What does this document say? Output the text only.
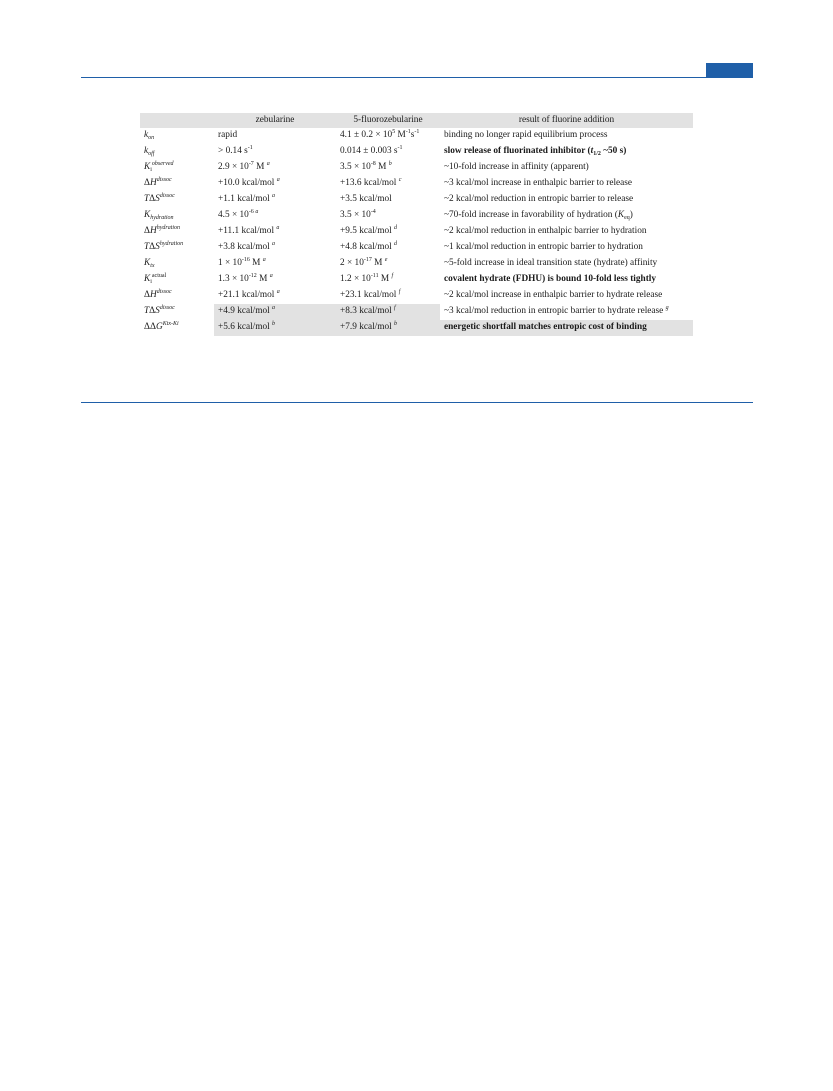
	zebularine	5-fluorozebularine	result of fluorine addition
$k_{on}$	rapid	$4.1 \pm 0.2 \times 10^5$ $M^{-1}s^{-1}$	binding no longer rapid equilibrium process
$k_{off}$	> 0.14 $s^{-1}$	0.014 ± 0.003 $s^{-1}$	slow release of fluorinated inhibitor ($t_{1/2}$ ~50 s)
$K_i^{observed}$	$2.9 \times 10^{-7}$ M $^a$	$3.5 \times 10^{-8}$ M $^b$	~10-fold increase in affinity (apparent)
$\Delta H^{dissoc}$	+10.0 kcal/mol $^a$	+13.6 kcal/mol $^c$	~3 kcal/mol increase in enthalpic barrier to release
$T\Delta S^{dissoc}$	+1.1 kcal/mol $^a$	+3.5 kcal/mol	~2 kcal/mol reduction in entropic barrier to release
$K_{hydration}$	$4.5 \times 10^{-6 a}$	$3.5 \times 10^{-4}$	~70-fold increase in favorability of hydration $(K_{eq})$
$\Delta H^{hydration}$	+11.1 kcal/mol $^a$	+9.5 kcal/mol $^d$	~2 kcal/mol reduction in enthalpic barrier to hydration
$T\Delta S^{hydration}$	+3.8 kcal/mol $^a$	+4.8 kcal/mol $^d$	~1 kcal/mol reduction in entropic barrier to hydration
$K_{tx}$	$1 \times 10^{-16}$ M $^a$	$2 \times 10^{-17}$ M $^e$	~5-fold increase in ideal transition state (hydrate) affinity
$K_i^{actual}$	$1.3 \times 10^{-12}$ M $^a$	$1.2 \times 10^{-11}$ M $^f$	covalent hydrate (FDHU) is bound 10-fold less tightly
$\Delta H^{dissoc}$	+21.1 kcal/mol $^a$	+23.1 kcal/mol $^f$	~2 kcal/mol increase in enthalpic barrier to hydrate release
$T\Delta S^{dissoc}$	+4.9 kcal/mol $^a$	+8.3 kcal/mol $^f$	~3 kcal/mol reduction in entropic barrier to hydrate release $^g$
$\Delta\Delta G^{Ktx-Ki}$	+5.6 kcal/mol $^b$	+7.9 kcal/mol $^b$	energetic shortfall matches entropic cost of binding
